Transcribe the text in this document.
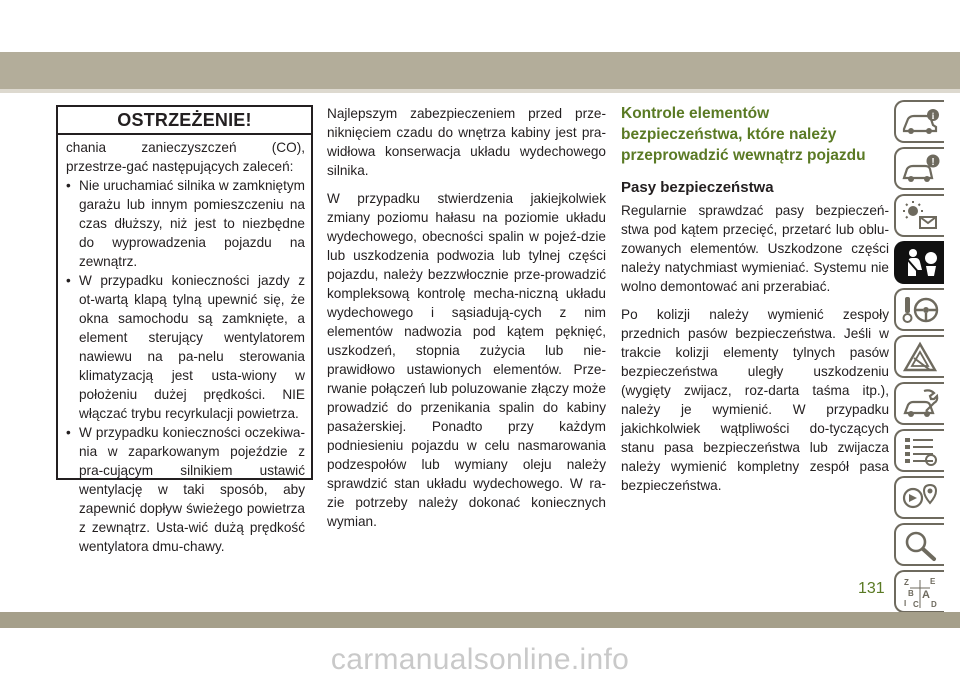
OSTRZEŻENIE!

chania zanieczyszczeń (CO), przestrze-gać następujących zaleceń:

• Nie uruchamiać silnika w zamkniętym garażu lub innym pomieszczeniu na czas dłuższy, niż jest to niezbędne do wyprowadzenia pojazdu na zewnątrz.
• W przypadku konieczności jazdy z ot-wartą klapą tylną upewnić się, że okna samochodu są zamknięte, a element sterujący wentylatorem nawiewu na pa-nelu sterowania klimatyzacją jest usta-wiony w położeniu dużej prędkości. NIE włączać trybu recyrkulacji powietrza.
• W przypadku konieczności oczekiwa-nia w zaparkowanym pojeździe z pra-cującym silnikiem ustawić wentylację w taki sposób, aby zapewnić dopływ świeżego powietrza z zewnątrz. Usta-wić dużą prędkość wentylatora dmu-chawy.

Najlepszym zabezpieczeniem przed prze-niknięciem czadu do wnętrza kabiny jest pra-widłowa konserwacja układu wydechowego silnika.

W przypadku stwierdzenia jakiejkolwiek zmiany poziomu hałasu na poziomie układu wydechowego, obecności spalin w pojeź-dzie lub uszkodzenia podwozia lub tylnej części pojazdu, należy bezzwłocznie prze-prowadzić kompleksową kontrolę mecha-niczną układu wydechowego i sąsiadują-cych z nim elementów nadwozia pod kątem pęknięć, uszkodzeń, stopnia zużycia lub nie-prawidłowo ustawionych elementów. Prze-rwanie połączeń lub poluzowanie złączy może prowadzić do przenikania spalin do kabiny pasażerskiej. Ponadto przy każdym podniesieniu pojazdu w celu nasmarowania podzespołów lub wymiany oleju należy sprawdzić stan układu wydechowego. W ra-zie potrzeby należy dokonać koniecznych wymian.

Kontrole elementów bezpieczeństwa, które należy przeprowadzić wewnątrz pojazdu
Pasy bezpieczeństwa

Regularnie sprawdzać pasy bezpieczeń-stwa pod kątem przecięć, przetarć lub oblu-zowanych elementów. Uszkodzone części należy natychmiast wymieniać. Systemu nie wolno demontować ani przerabiać.

Po kolizji należy wymienić zespoły przednich pasów bezpieczeństwa. Jeśli w trakcie kolizji elementy tylnych pasów bezpieczeństwa uległy uszkodzeniu (wygięty zwijacz, roz-darta taśma itp.), należy je wymienić. W przypadku jakichkolwiek wątpliwości do-tyczących stanu pasa bezpieczeństwa lub zwijacza należy wymienić kompletny zespół pasa bezpieczeństwa.

i
!
Z	E
B A
I C D
131
carmanualsonline.info
